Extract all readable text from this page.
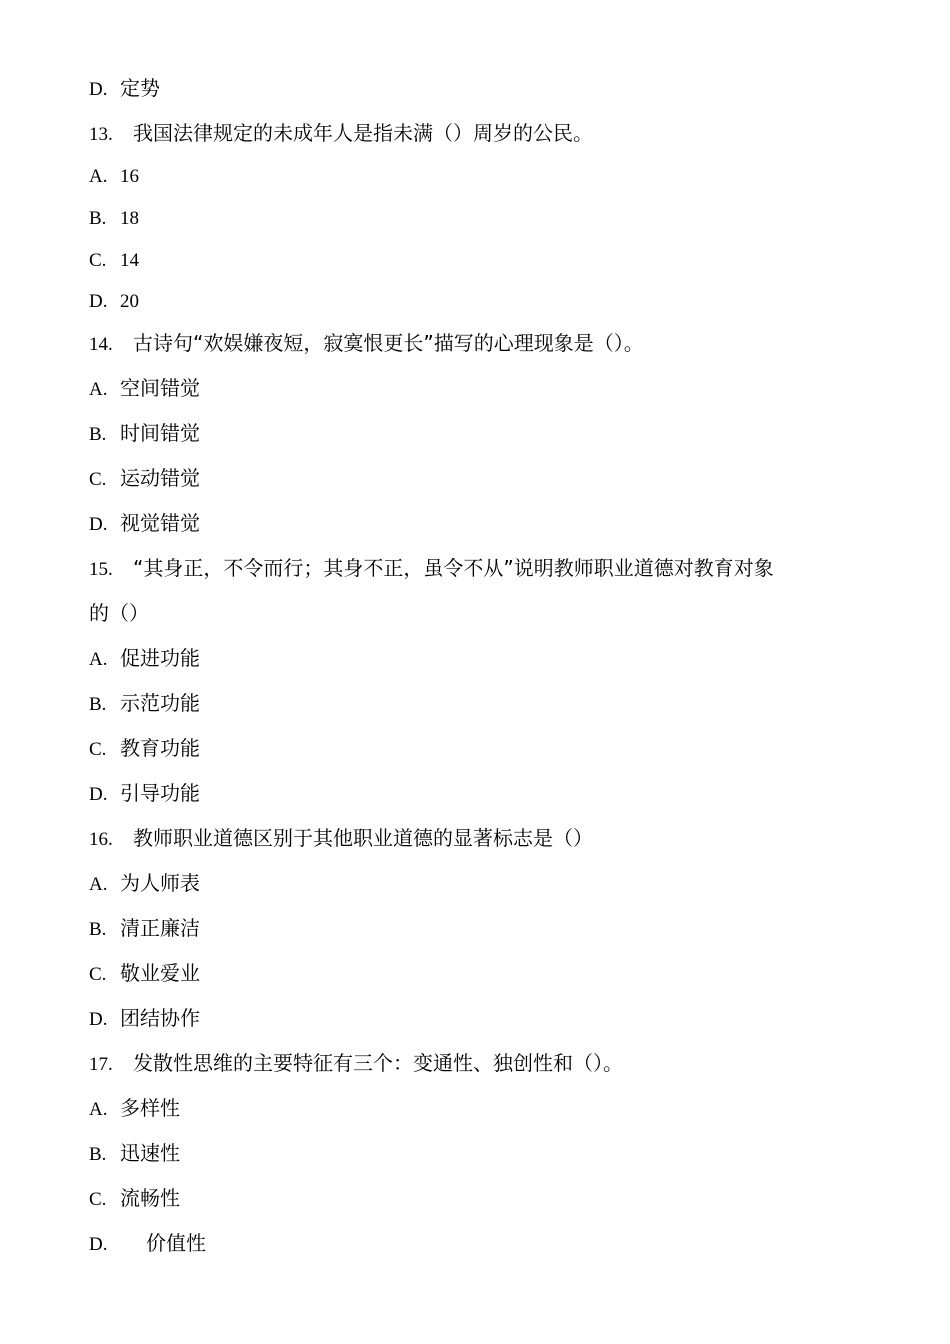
D. 定势
13. 我国法律规定的未成年人是指未满（）周岁的公民。
A. 16
B. 18
C. 14
D. 20
14. 古诗句“欢娱嫌夜短，寂寞恨更长”描写的心理现象是（）。
A. 空间错觉
B. 时间错觉
C. 运动错觉
D. 视觉错觉
15. “其身正，不令而行；其身不正，虽令不从”说明教师职业道德对教育对象
的（）
A. 促进功能
B. 示范功能
C. 教育功能
D. 引导功能
16. 教师职业道德区别于其他职业道德的显著标志是（）
A. 为人师表
B. 清正廉洁
C. 敬业爱业
D. 团结协作
17. 发散性思维的主要特征有三个：变通性、独创性和（）。
A. 多样性
B. 迅速性
C. 流畅性
D. 价值性
